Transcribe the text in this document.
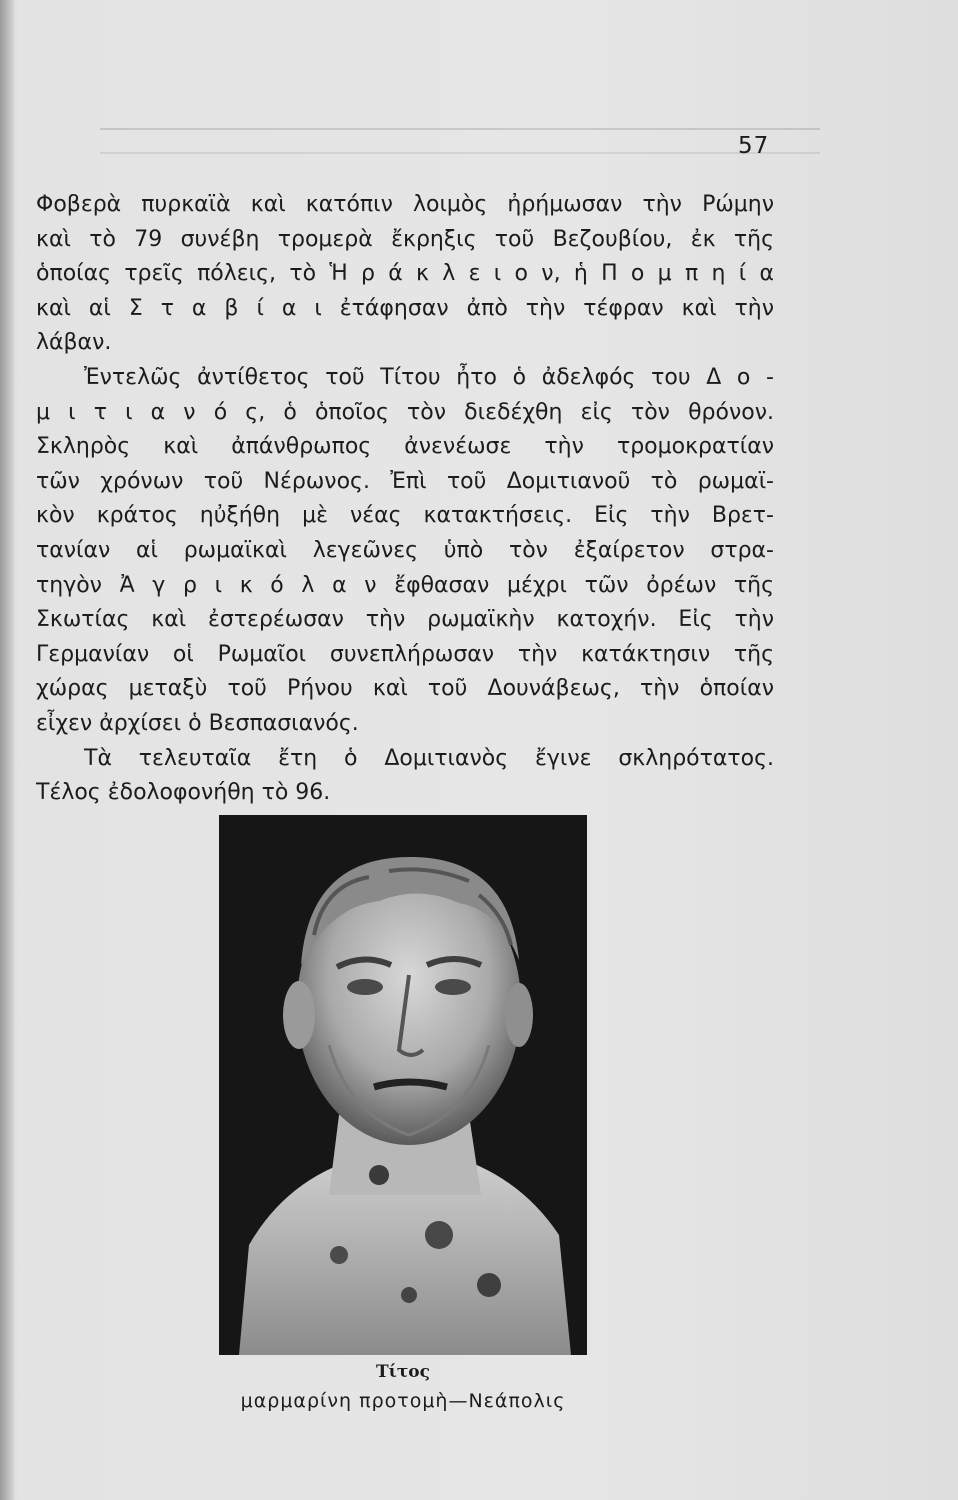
57
Φοβερὰ πυρκαϊὰ καὶ κατόπιν λοιμὸς ἠρήμωσαν τὴν Ρώμην
καὶ τὸ 79 συνέβη τρομερὰ ἔκρηξις τοῦ Βεζουβίου, ἐκ τῆς
ὁποίας τρεῖς πόλεις, τὸ Ἡ ρ ά κ λ ε ι ο ν, ἡ Π ο μ π η ί α
καὶ αἱ Σ τ α β ί α ι ἐτάφησαν ἀπὸ τὴν τέφραν καὶ τὴν
λάβαν.
Ἐντελῶς ἀντίθετος τοῦ Τίτου ἦτο ὁ ἀδελφός του Δ ο -
μ ι τ ι α ν ό ς, ὁ ὁποῖος τὸν διεδέχθη εἰς τὸν θρόνον.
Σκληρὸς καὶ ἀπάνθρωπος ἀνενέωσε τὴν τρομοκρατίαν
τῶν χρόνων τοῦ Νέρωνος. Ἐπὶ τοῦ Δομιτιανοῦ τὸ ρωμαϊ-
κὸν κράτος ηὐξήθη μὲ νέας κατακτήσεις. Εἰς τὴν Βρετ-
τανίαν αἱ ρωμαϊκαὶ λεγεῶνες ὑπὸ τὸν ἐξαίρετον στρα-
τηγὸν Ἀ γ ρ ι κ ό λ α ν ἔφθασαν μέχρι τῶν ὀρέων τῆς
Σκωτίας καὶ ἐστερέωσαν τὴν ρωμαϊκὴν κατοχήν. Εἰς τὴν
Γερμανίαν οἱ Ρωμαῖοι συνεπλήρωσαν τὴν κατάκτησιν τῆς
χώρας μεταξὺ τοῦ Ρήνου καὶ τοῦ Δουνάβεως, τὴν ὁποίαν
εἶχεν ἀρχίσει ὁ Βεσπασιανός.
Τὰ τελευταῖα ἔτη ὁ Δομιτιανὸς ἔγινε σκληρότατος.
Τέλος ἐδολοφονήθη τὸ 96.
Τίτος
μαρμαρίνη προτομὴ—Νεάπολις
